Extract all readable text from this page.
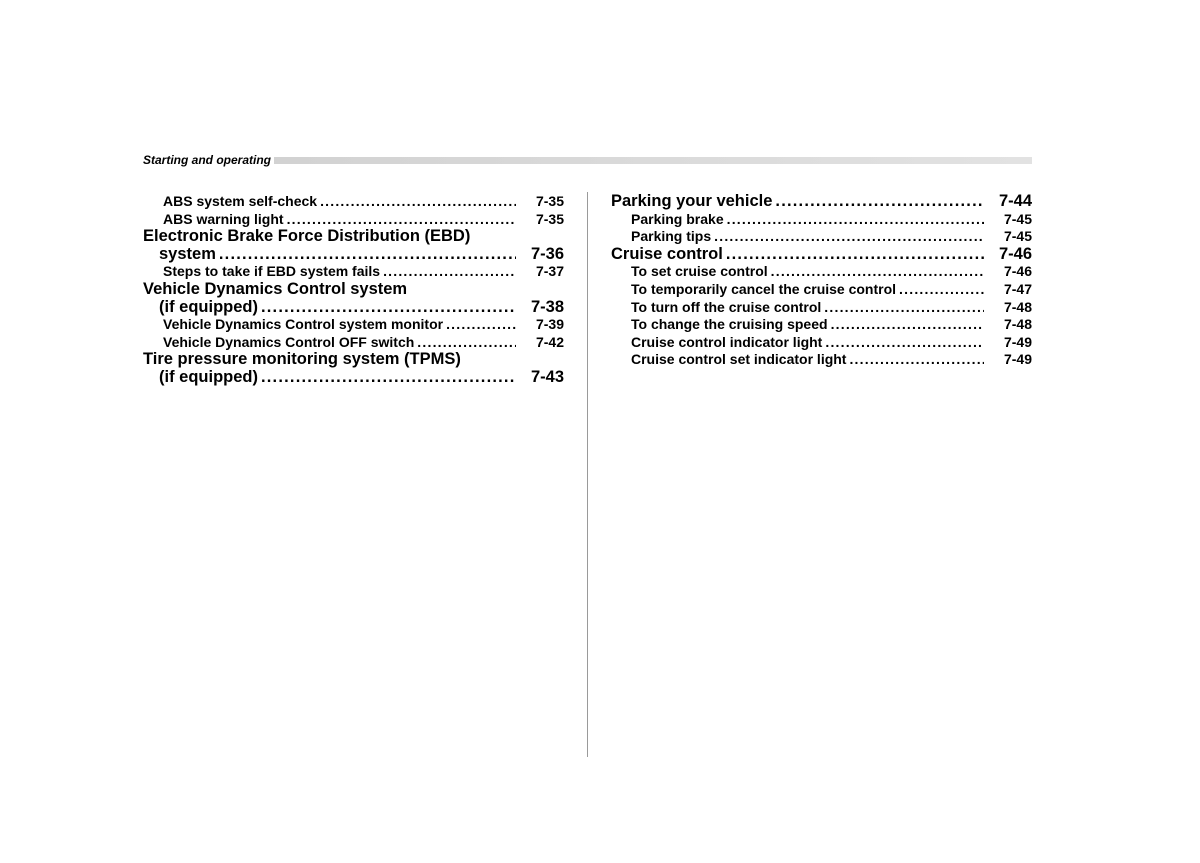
Starting and operating
ABS system self-check .....	7-35
ABS warning light .....	7-35
Electronic Brake Force Distribution (EBD)
system .....	7-36
Steps to take if EBD system fails .....	7-37
Vehicle Dynamics Control system
(if equipped) .....	7-38
Vehicle Dynamics Control system monitor .....	7-39
Vehicle Dynamics Control OFF switch .....	7-42
Tire pressure monitoring system (TPMS)
(if equipped) .....	7-43
Parking your vehicle .....	7-44
Parking brake .....	7-45
Parking tips .....	7-45
Cruise control .....	7-46
To set cruise control .....	7-46
To temporarily cancel the cruise control .....	7-47
To turn off the cruise control .....	7-48
To change the cruising speed .....	7-48
Cruise control indicator light .....	7-49
Cruise control set indicator light .....	7-49
